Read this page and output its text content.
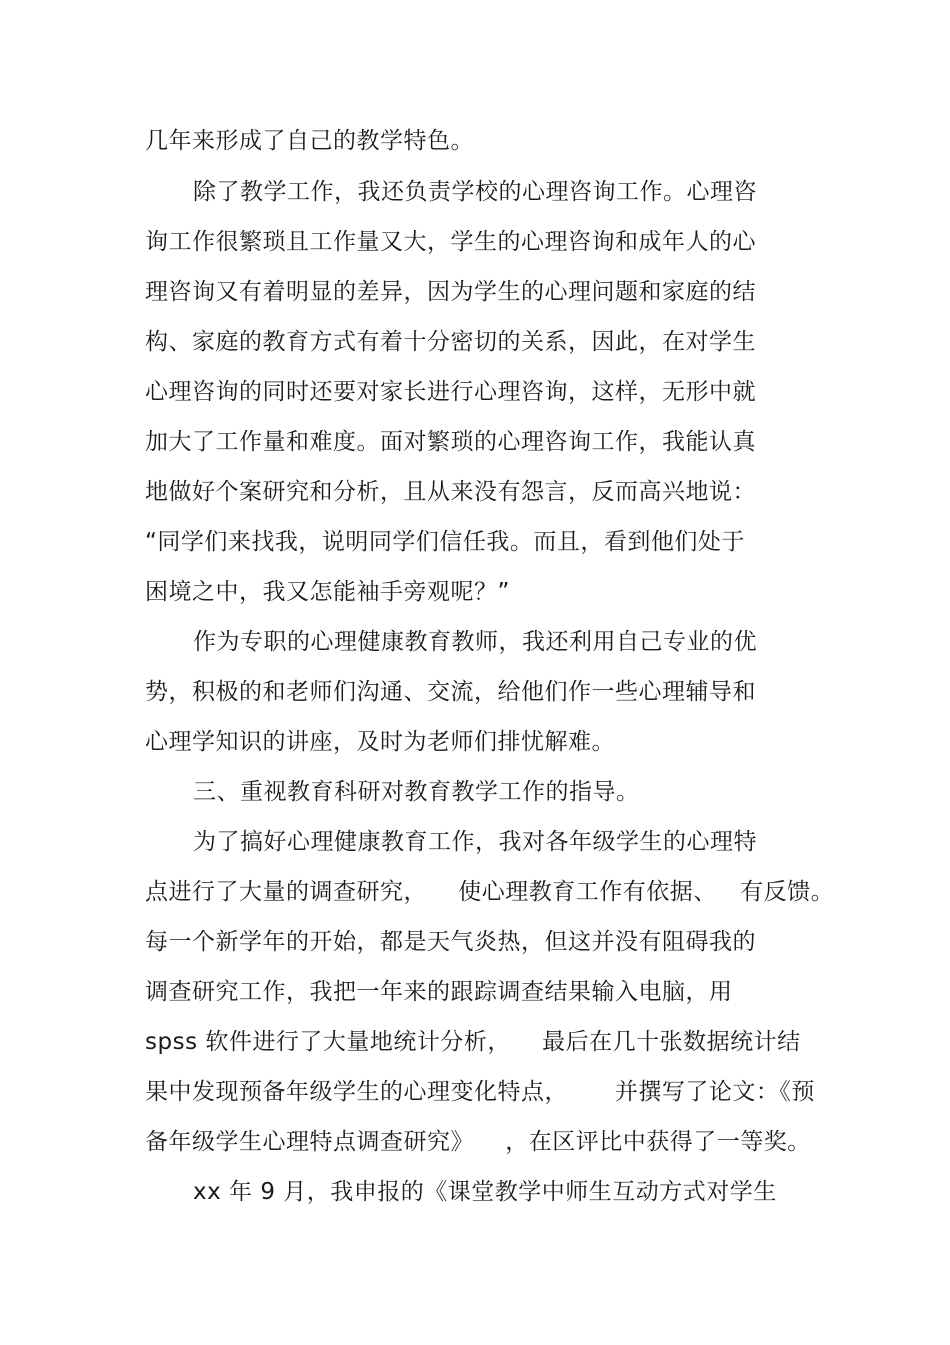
几年来形成了自己的教学特色。
除了教学工作，我还负责学校的心理咨询工作。心理咨
询工作很繁琐且工作量又大，学生的心理咨询和成年人的心
理咨询又有着明显的差异，因为学生的心理问题和家庭的结
构、家庭的教育方式有着十分密切的关系，因此，在对学生
心理咨询的同时还要对家长进行心理咨询，这样，无形中就
加大了工作量和难度。面对繁琐的心理咨询工作，我能认真
地做好个案研究和分析，且从来没有怨言，反而高兴地说：
“同学们来找我，说明同学们信任我。而且，看到他们处于
困境之中，我又怎能袖手旁观呢？”
作为专职的心理健康教育教师，我还利用自己专业的优
势，积极的和老师们沟通、交流，给他们作一些心理辅导和
心理学知识的讲座，及时为老师们排忧解难。
三、重视教育科研对教育教学工作的指导。
为了搞好心理健康教育工作，我对各年级学生的心理特
点进行了大量的调查研究，    使心理教育工作有依据、   有反馈。
每一个新学年的开始，都是天气炎热，但这并没有阻碍我的
调查研究工作，我把一年来的跟踪调查结果输入电脑，用
spss 软件进行了大量地统计分析，    最后在几十张数据统计结
果中发现预备年级学生的心理变化特点，      并撰写了论文：《预
备年级学生心理特点调查研究》    ，在区评比中获得了一等奖。
xx 年 9 月，我申报的《课堂教学中师生互动方式对学生
